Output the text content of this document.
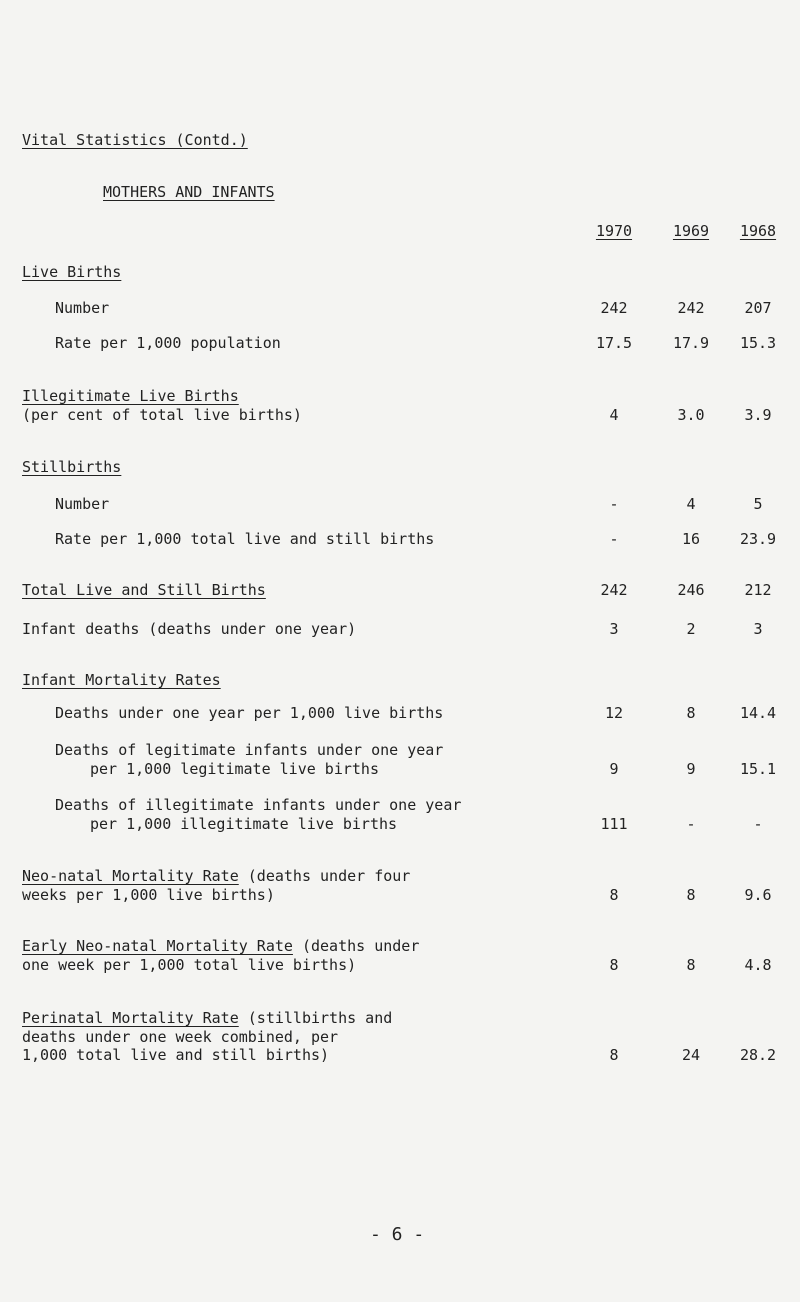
Vital Statistics (Contd.)
MOTHERS AND INFANTS
1970	1969	1968
Live Births
Number	242	242	207
Rate per 1,000 population	17.5	17.9	15.3
Illegitimate Live Births
(per cent of total live births)	4	3.0	3.9
Stillbirths
Number	-	4	5
Rate per 1,000 total live and still births	-	16	23.9
Total Live and Still Births	242	246	212
Infant deaths (deaths under one year)	3	2	3
Infant Mortality Rates
Deaths under one year per 1,000 live births	12	8	14.4
Deaths of legitimate infants under one year
per 1,000 legitimate live births	9	9	15.1
Deaths of illegitimate infants under one year
per 1,000 illegitimate live births	111	-	-
Neo-natal Mortality Rate (deaths under four
weeks per 1,000 live births)	8	8	9.6
Early Neo-natal Mortality Rate (deaths under
one week per 1,000 total live births)	8	8	4.8
Perinatal Mortality Rate (stillbirths and
deaths under one week combined, per
1,000 total live and still births)	8	24	28.2
- 6 -
